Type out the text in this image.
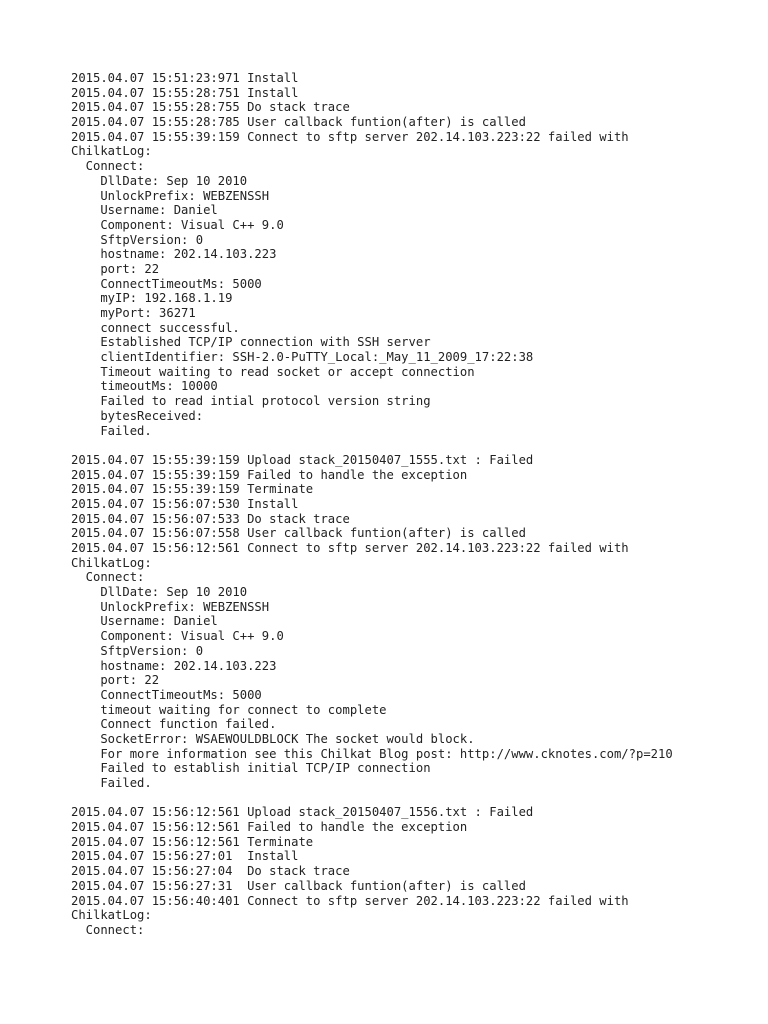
2015.04.07 15:51:23:971 Install
2015.04.07 15:55:28:751 Install
2015.04.07 15:55:28:755 Do stack trace
2015.04.07 15:55:28:785 User callback funtion(after) is called
2015.04.07 15:55:39:159 Connect to sftp server 202.14.103.223:22 failed with
ChilkatLog:
Connect:
DllDate: Sep 10 2010
UnlockPrefix: WEBZENSSH
Username: Daniel
Component: Visual C++ 9.0
SftpVersion: 0
hostname: 202.14.103.223
port: 22
ConnectTimeoutMs: 5000
myIP: 192.168.1.19
myPort: 36271
connect successful.
Established TCP/IP connection with SSH server
clientIdentifier: SSH-2.0-PuTTY_Local:_May_11_2009_17:22:38
Timeout waiting to read socket or accept connection
timeoutMs: 10000
Failed to read intial protocol version string
bytesReceived:
Failed.
2015.04.07 15:55:39:159 Upload stack_20150407_1555.txt : Failed
2015.04.07 15:55:39:159 Failed to handle the exception
2015.04.07 15:55:39:159 Terminate
2015.04.07 15:56:07:530 Install
2015.04.07 15:56:07:533 Do stack trace
2015.04.07 15:56:07:558 User callback funtion(after) is called
2015.04.07 15:56:12:561 Connect to sftp server 202.14.103.223:22 failed with
ChilkatLog:
Connect:
DllDate: Sep 10 2010
UnlockPrefix: WEBZENSSH
Username: Daniel
Component: Visual C++ 9.0
SftpVersion: 0
hostname: 202.14.103.223
port: 22
ConnectTimeoutMs: 5000
timeout waiting for connect to complete
Connect function failed.
SocketError: WSAEWOULDBLOCK The socket would block.
For more information see this Chilkat Blog post: http://www.cknotes.com/?p=210
Failed to establish initial TCP/IP connection
Failed.
2015.04.07 15:56:12:561 Upload stack_20150407_1556.txt : Failed
2015.04.07 15:56:12:561 Failed to handle the exception
2015.04.07 15:56:12:561 Terminate
2015.04.07 15:56:27:01  Install
2015.04.07 15:56:27:04  Do stack trace
2015.04.07 15:56:27:31  User callback funtion(after) is called
2015.04.07 15:56:40:401 Connect to sftp server 202.14.103.223:22 failed with
ChilkatLog:
Connect:
